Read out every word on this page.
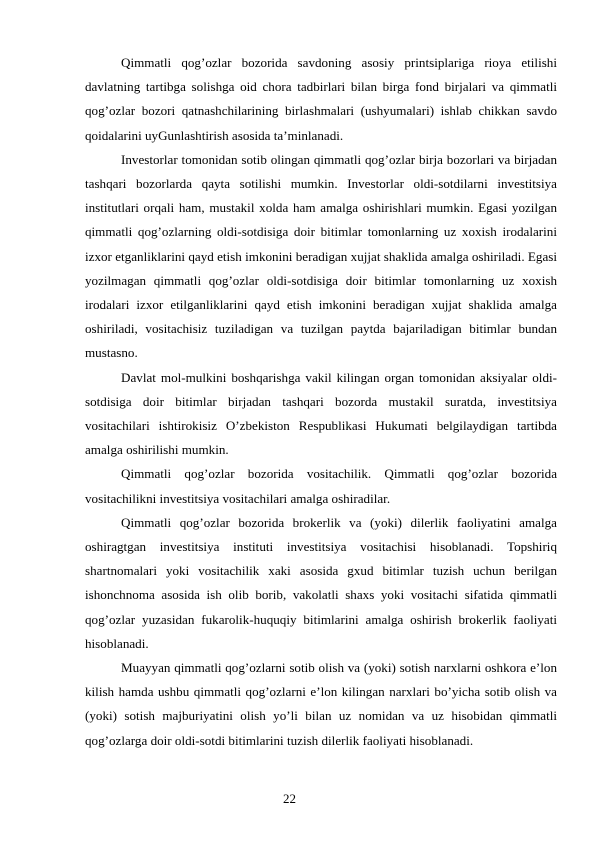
Qimmatli qog’ozlar bozorida savdoning asosiy printsiplariga rioya etilishi davlatning tartibga solishga oid chora tadbirlari bilan birga fond birjalari va qimmatli qog’ozlar bozori qatnashchilarining birlashmalari (ushyumalari) ishlab chikkan savdo qoidalarini uyGunlashtirish asosida ta’minlanadi.

Investorlar tomonidan sotib olingan qimmatli qog’ozlar birja bozorlari va birjadan tashqari bozorlarda qayta sotilishi mumkin. Investorlar oldi-sotdilarni investitsiya institutlari orqali ham, mustakil xolda ham amalga oshirishlari mumkin. Egasi yozilgan qimmatli qog’ozlarning oldi-sotdisiga doir bitimlar tomonlarning uz xoxish irodalarini izxor etganliklarini qayd etish imkonini beradigan xujjat shaklida amalga oshiriladi. Egasi yozilmagan qimmatli qog’ozlar oldi-sotdisiga doir bitimlar tomonlarning uz xoxish irodalari izxor etilganliklarini qayd etish imkonini beradigan xujjat shaklida amalga oshiriladi, vositachisiz tuziladigan va tuzilgan paytda bajariladigan bitimlar bundan mustasno.

Davlat mol-mulkini boshqarishga vakil kilingan organ tomonidan aksiyalar oldi-sotdisiga doir bitimlar birjadan tashqari bozorda mustakil suratda, investitsiya vositachilari ishtirokisiz O’zbekiston Respublikasi Hukumati belgilaydigan tartibda amalga oshirilishi mumkin.

Qimmatli qog’ozlar bozorida vositachilik. Qimmatli qog’ozlar bozorida vositachilikni investitsiya vositachilari amalga oshiradilar.

Qimmatli qog’ozlar bozorida brokerlik va (yoki) dilerlik faoliyatini amalga oshiragtgan investitsiya instituti investitsiya vositachisi hisoblanadi. Topshiriq shartnomalari yoki vositachilik xaki asosida gxud bitimlar tuzish uchun berilgan ishonchnoma asosida ish olib borib, vakolatli shaxs yoki vositachi sifatida qimmatli qog’ozlar yuzasidan fukarolik-huquqiy bitimlarini amalga oshirish brokerlik faoliyati hisoblanadi.

Muayyan qimmatli qog’ozlarni sotib olish va (yoki) sotish narxlarni oshkora e’lon kilish hamda ushbu qimmatli qog’ozlarni e’lon kilingan narxlari bo’yicha sotib olish va (yoki) sotish majburiyatini olish yo’li bilan uz nomidan va uz hisobidan qimmatli qog’ozlarga doir oldi-sotdi bitimlarini tuzish dilerlik faoliyati hisoblanadi.

22
